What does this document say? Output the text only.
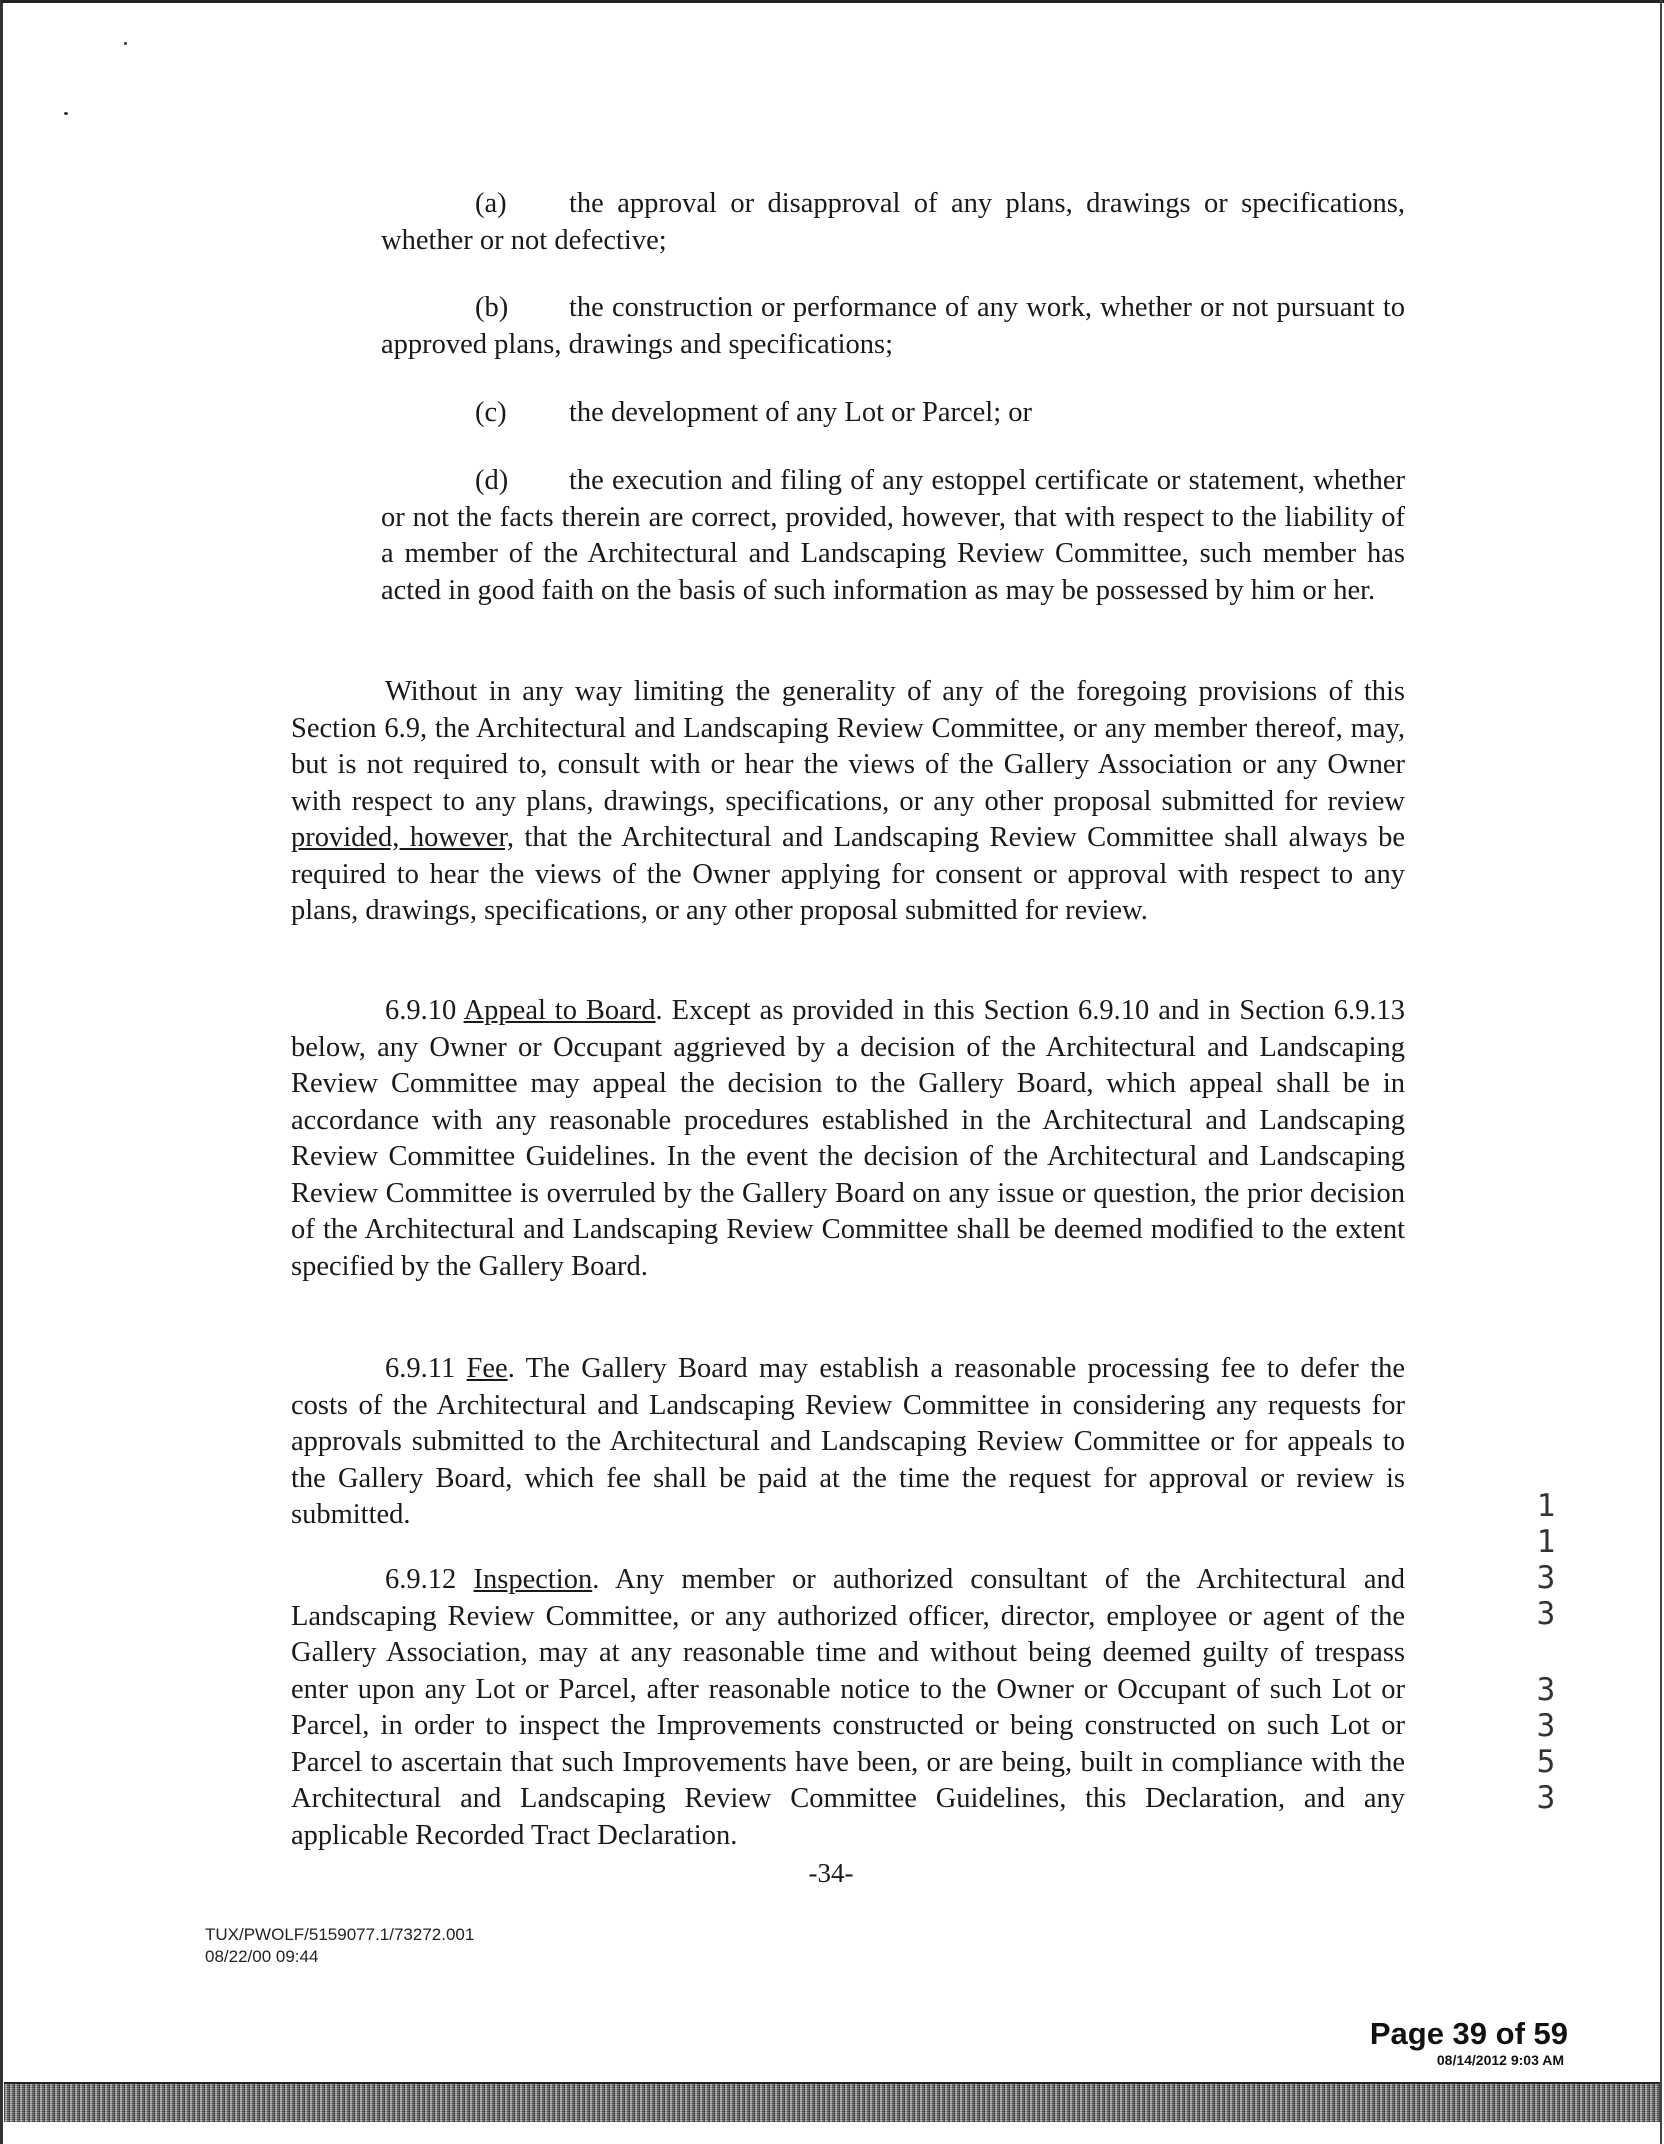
(a) the approval or disapproval of any plans, drawings or specifications, whether or not defective;

(b) the construction or performance of any work, whether or not pursuant to approved plans, drawings and specifications;

(c) the development of any Lot or Parcel; or

(d) the execution and filing of any estoppel certificate or statement, whether or not the facts therein are correct, provided, however, that with respect to the liability of a member of the Architectural and Landscaping Review Committee, such member has acted in good faith on the basis of such information as may be possessed by him or her.

Without in any way limiting the generality of any of the foregoing provisions of this Section 6.9, the Architectural and Landscaping Review Committee, or any member thereof, may, but is not required to, consult with or hear the views of the Gallery Association or any Owner with respect to any plans, drawings, specifications, or any other proposal submitted for review provided, however, that the Architectural and Landscaping Review Committee shall always be required to hear the views of the Owner applying for consent or approval with respect to any plans, drawings, specifications, or any other proposal submitted for review.

6.9.10 Appeal to Board. Except as provided in this Section 6.9.10 and in Section 6.9.13 below, any Owner or Occupant aggrieved by a decision of the Architectural and Landscaping Review Committee may appeal the decision to the Gallery Board, which appeal shall be in accordance with any reasonable procedures established in the Architectural and Landscaping Review Committee Guidelines. In the event the decision of the Architectural and Landscaping Review Committee is overruled by the Gallery Board on any issue or question, the prior decision of the Architectural and Landscaping Review Committee shall be deemed modified to the extent specified by the Gallery Board.

6.9.11 Fee. The Gallery Board may establish a reasonable processing fee to defer the costs of the Architectural and Landscaping Review Committee in considering any requests for approvals submitted to the Architectural and Landscaping Review Committee or for appeals to the Gallery Board, which fee shall be paid at the time the request for approval or review is submitted.

6.9.12 Inspection. Any member or authorized consultant of the Architectural and Landscaping Review Committee, or any authorized officer, director, employee or agent of the Gallery Association, may at any reasonable time and without being deemed guilty of trespass enter upon any Lot or Parcel, after reasonable notice to the Owner or Occupant of such Lot or Parcel, in order to inspect the Improvements constructed or being constructed on such Lot or Parcel to ascertain that such Improvements have been, or are being, built in compliance with the Architectural and Landscaping Review Committee Guidelines, this Declaration, and any applicable Recorded Tract Declaration.

-34-
TUX/PWOLF/5159077.1/73272.001
08/22/00 09:44
1133
3353
Page 39 of 59
08/14/2012 9:03 AM
